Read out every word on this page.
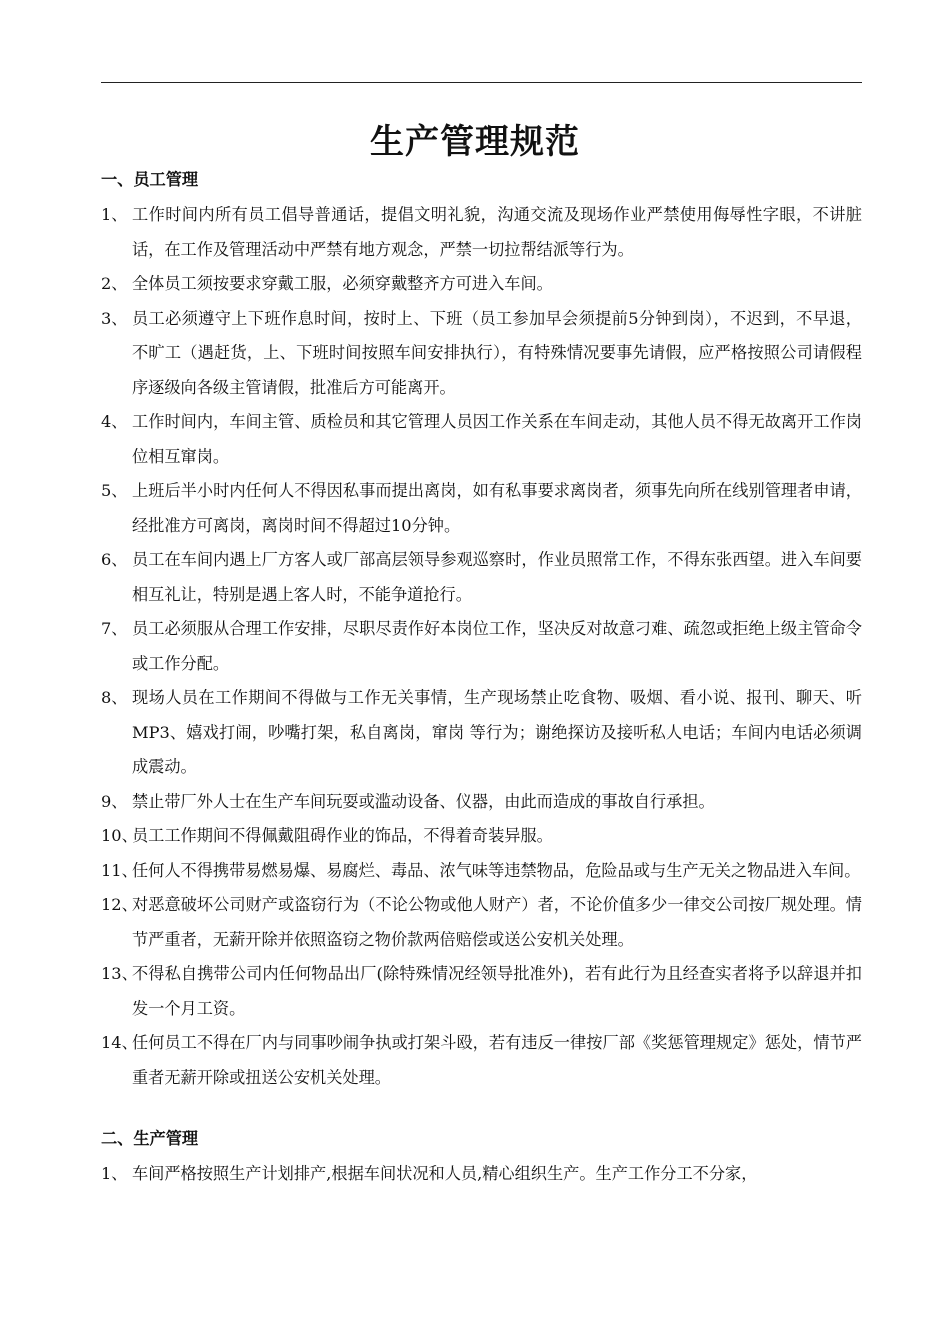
生产管理规范
一、员工管理

1、 工作时间内所有员工倡导普通话，提倡文明礼貌，沟通交流及现场作业严禁使用侮辱性字眼，不讲脏话，在工作及管理活动中严禁有地方观念，严禁一切拉帮结派等行为。

2、 全体员工须按要求穿戴工服，必须穿戴整齐方可进入车间。

3、 员工必须遵守上下班作息时间，按时上、下班（员工参加早会须提前5分钟到岗），不迟到，不早退，不旷工（遇赶货，上、下班时间按照车间安排执行），有特殊情况要事先请假，应严格按照公司请假程序逐级向各级主管请假，批准后方可能离开。

4、 工作时间内，车间主管、质检员和其它管理人员因工作关系在车间走动，其他人员不得无故离开工作岗位相互窜岗。

5、 上班后半小时内任何人不得因私事而提出离岗，如有私事要求离岗者，须事先向所在线别管理者申请，经批准方可离岗，离岗时间不得超过10分钟。

6、 员工在车间内遇上厂方客人或厂部高层领导参观巡察时，作业员照常工作，不得东张西望。进入车间要相互礼让，特别是遇上客人时，不能争道抢行。

7、 员工必须服从合理工作安排，尽职尽责作好本岗位工作，坚决反对故意刁难、疏忽或拒绝上级主管命令或工作分配。

8、 现场人员在工作期间不得做与工作无关事情，生产现场禁止吃食物、吸烟、看小说、报刊、聊天、听MP3、嬉戏打闹，吵嘴打架，私自离岗，窜岗 等行为；谢绝探访及接听私人电话；车间内电话必须调成震动。

9、 禁止带厂外人士在生产车间玩耍或滥动设备、仪器，由此而造成的事故自行承担。

10、
员工工作期间不得佩戴阻碍作业的饰品，不得着奇装异服。

11、
任何人不得携带易燃易爆、易腐烂、毒品、浓气味等违禁物品，危险品或与生产无关之物品进入车间。

12、
对恶意破坏公司财产或盗窃行为（不论公物或他人财产）者，不论价值多少一律交公司按厂规处理。情节严重者，无薪开除并依照盗窃之物价款两倍赔偿或送公安机关处理。

13、
不得私自携带公司内任何物品出厂(除特殊情况经领导批准外)，若有此行为且经查实者将予以辞退并扣发一个月工资。

14、
任何员工不得在厂内与同事吵闹争执或打架斗殴，若有违反一律按厂部《奖惩管理规定》惩处，情节严重者无薪开除或扭送公安机关处理。

二、生产管理

1、 车间严格按照生产计划排产,根据车间状况和人员,精心组织生产。生产工作分工不分家，
